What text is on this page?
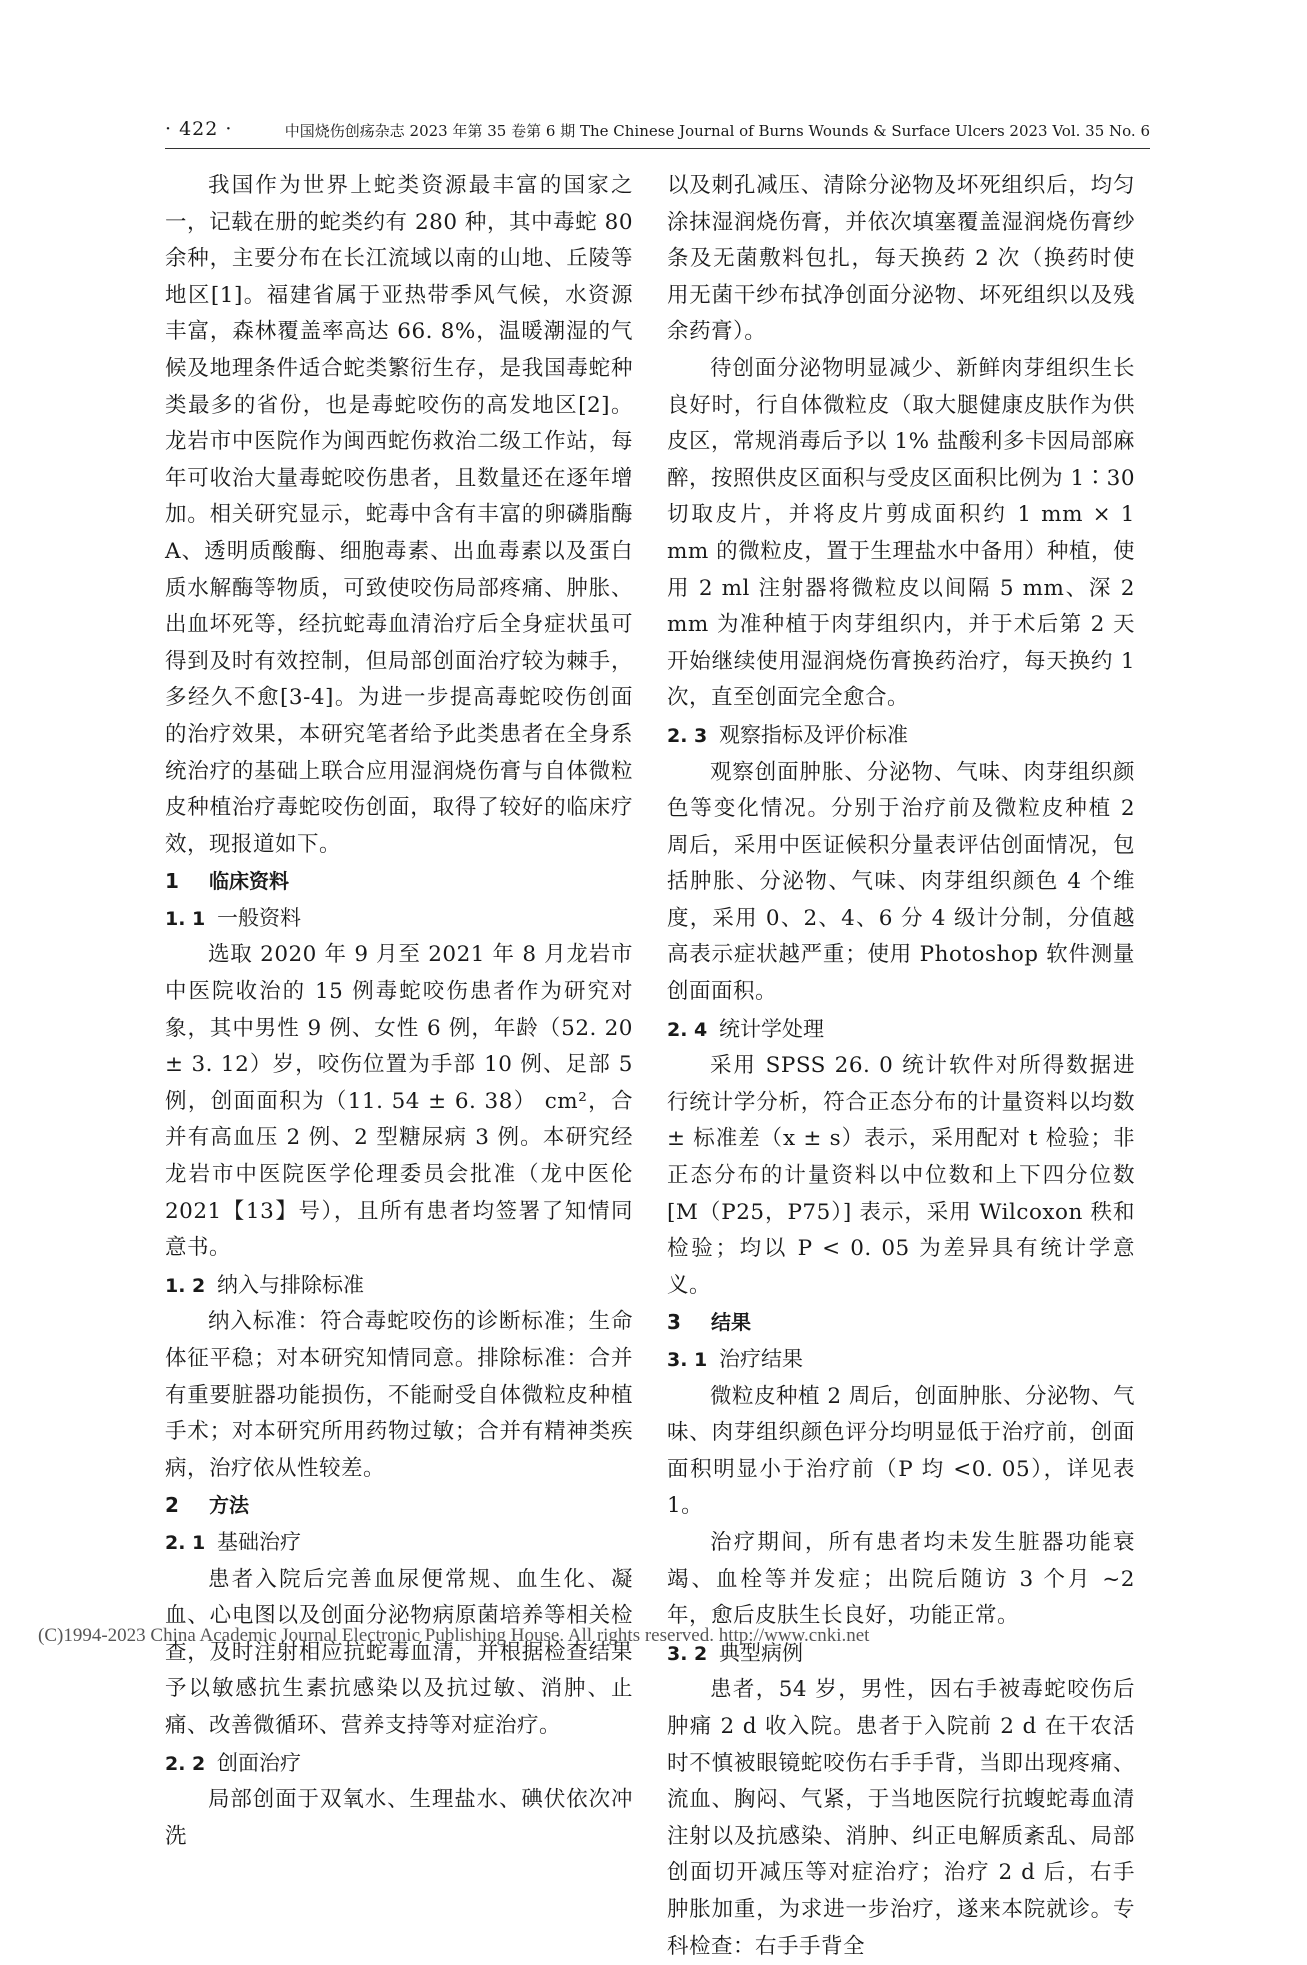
· 422 ·	中国烧伤创疡杂志 2023 年第 35 卷第 6 期 The Chinese Journal of Burns Wounds & Surface Ulcers 2023 Vol. 35 No. 6

我国作为世界上蛇类资源最丰富的国家之一，记载在册的蛇类约有 280 种，其中毒蛇 80 余种，主要分布在长江流域以南的山地、丘陵等地区[1]。福建省属于亚热带季风气候，水资源丰富，森林覆盖率高达 66. 8%，温暖潮湿的气候及地理条件适合蛇类繁衍生存，是我国毒蛇种类最多的省份，也是毒蛇咬伤的高发地区[2]。龙岩市中医院作为闽西蛇伤救治二级工作站，每年可收治大量毒蛇咬伤患者，且数量还在逐年增加。相关研究显示，蛇毒中含有丰富的卵磷脂酶 A、透明质酸酶、细胞毒素、出血毒素以及蛋白质水解酶等物质，可致使咬伤局部疼痛、肿胀、出血坏死等，经抗蛇毒血清治疗后全身症状虽可得到及时有效控制，但局部创面治疗较为棘手，多经久不愈[3-4]。为进一步提高毒蛇咬伤创面的治疗效果，本研究笔者给予此类患者在全身系统治疗的基础上联合应用湿润烧伤膏与自体微粒皮种植治疗毒蛇咬伤创面，取得了较好的临床疗效，现报道如下。

1 临床资料

1. 1 一般资料

选取 2020 年 9 月至 2021 年 8 月龙岩市中医院收治的 15 例毒蛇咬伤患者作为研究对象，其中男性 9 例、女性 6 例，年龄（52. 20 ± 3. 12）岁，咬伤位置为手部 10 例、足部 5 例，创面面积为（11. 54 ± 6. 38） cm²，合并有高血压 2 例、2 型糖尿病 3 例。本研究经龙岩市中医院医学伦理委员会批准（龙中医伦 2021【13】号），且所有患者均签署了知情同意书。

1. 2 纳入与排除标准

纳入标准：符合毒蛇咬伤的诊断标准；生命体征平稳；对本研究知情同意。排除标准：合并有重要脏器功能损伤，不能耐受自体微粒皮种植手术；对本研究所用药物过敏；合并有精神类疾病，治疗依从性较差。

2 方法

2. 1 基础治疗

患者入院后完善血尿便常规、血生化、凝血、心电图以及创面分泌物病原菌培养等相关检查，及时注射相应抗蛇毒血清，并根据检查结果予以敏感抗生素抗感染以及抗过敏、消肿、止痛、改善微循环、营养支持等对症治疗。

2. 2 创面治疗

局部创面于双氧水、生理盐水、碘伏依次冲洗

以及刺孔减压、清除分泌物及坏死组织后，均匀涂抹湿润烧伤膏，并依次填塞覆盖湿润烧伤膏纱条及无菌敷料包扎，每天换药 2 次（换药时使用无菌干纱布拭净创面分泌物、坏死组织以及残余药膏）。

待创面分泌物明显减少、新鲜肉芽组织生长良好时，行自体微粒皮（取大腿健康皮肤作为供皮区，常规消毒后予以 1% 盐酸利多卡因局部麻醉，按照供皮区面积与受皮区面积比例为 1∶30 切取皮片，并将皮片剪成面积约 1 mm × 1 mm 的微粒皮，置于生理盐水中备用）种植，使用 2 ml 注射器将微粒皮以间隔 5 mm、深 2 mm 为准种植于肉芽组织内，并于术后第 2 天开始继续使用湿润烧伤膏换药治疗，每天换约 1 次，直至创面完全愈合。

2. 3 观察指标及评价标准

观察创面肿胀、分泌物、气味、肉芽组织颜色等变化情况。分别于治疗前及微粒皮种植 2 周后，采用中医证候积分量表评估创面情况，包括肿胀、分泌物、气味、肉芽组织颜色 4 个维度，采用 0、2、4、6 分 4 级计分制，分值越高表示症状越严重；使用 Photoshop 软件测量创面面积。

2. 4 统计学处理

采用 SPSS 26. 0 统计软件对所得数据进行统计学分析，符合正态分布的计量资料以均数 ± 标准差（x ± s）表示，采用配对 t 检验；非正态分布的计量资料以中位数和上下四分位数 [M（P25，P75）] 表示，采用 Wilcoxon 秩和检验；均以 P < 0. 05 为差异具有统计学意义。

3 结果

3. 1 治疗结果

微粒皮种植 2 周后，创面肿胀、分泌物、气味、肉芽组织颜色评分均明显低于治疗前，创面面积明显小于治疗前（P 均 <0. 05），详见表 1。

治疗期间，所有患者均未发生脏器功能衰竭、血栓等并发症；出院后随访 3 个月 ~2 年，愈后皮肤生长良好，功能正常。

3. 2 典型病例

患者，54 岁，男性，因右手被毒蛇咬伤后肿痛 2 d 收入院。患者于入院前 2 d 在干农活时不慎被眼镜蛇咬伤右手手背，当即出现疼痛、流血、胸闷、气紧，于当地医院行抗蝮蛇毒血清注射以及抗感染、消肿、纠正电解质紊乱、局部创面切开减压等对症治疗；治疗 2 d 后，右手肿胀加重，为求进一步治疗，遂来本院就诊。专科检查：右手手背全

(C)1994-2023 China Academic Journal Electronic Publishing House. All rights reserved. http://www.cnki.net
